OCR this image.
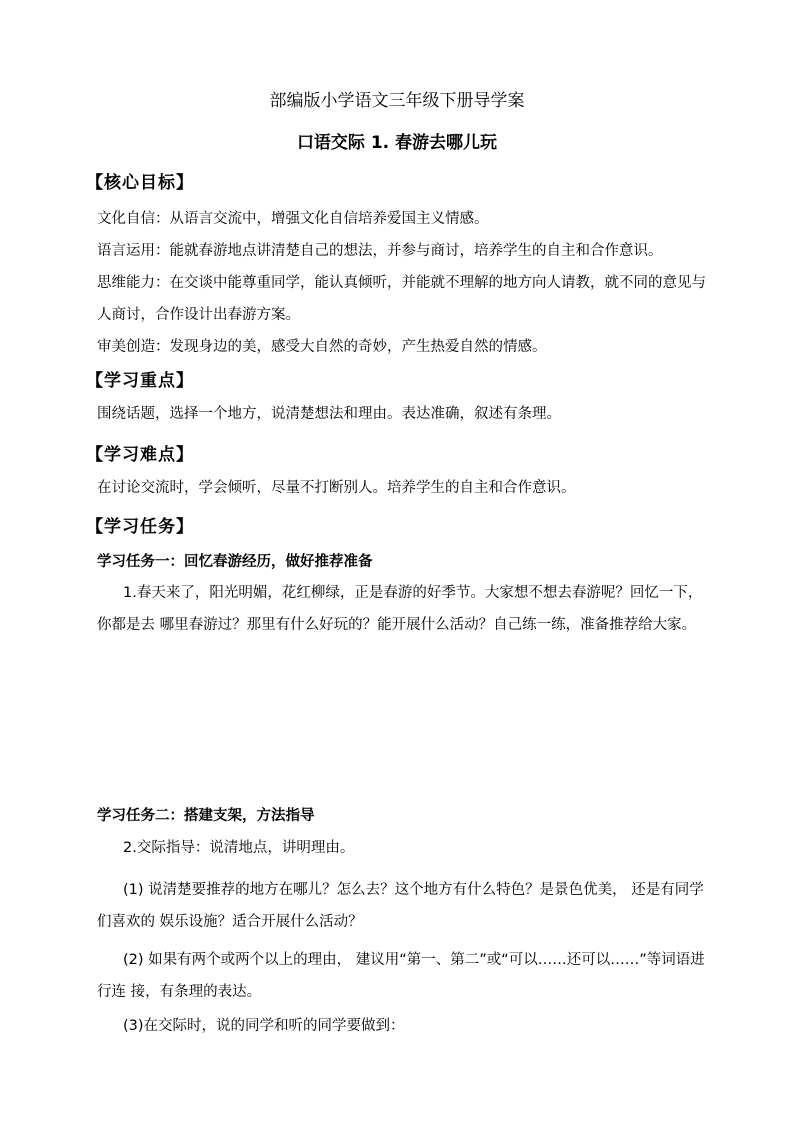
部编版小学语文三年级下册导学案
口语交际 1. 春游去哪儿玩
【核心目标】
文化自信：从语言交流中，增强文化自信培养爱国主义情感。
语言运用：能就春游地点讲清楚自己的想法，并参与商讨，培养学生的自主和合作意识。
思维能力：在交谈中能尊重同学，能认真倾听，并能就不理解的地方向人请教，就不同的意见与人商讨，合作设计出春游方案。
审美创造：发现身边的美，感受大自然的奇妙，产生热爱自然的情感。
【学习重点】
围绕话题，选择一个地方，说清楚想法和理由。表达准确，叙述有条理。
【学习难点】
在讨论交流时，学会倾听，尽量不打断别人。培养学生的自主和合作意识。
【学习任务】
学习任务一：回忆春游经历，做好推荐准备
1.春天来了，阳光明媚，花红柳绿，正是春游的好季节。大家想不想去春游呢？回忆一下，你都是去 哪里春游过？那里有什么好玩的？能开展什么活动？自己练一练，准备推荐给大家。
学习任务二：搭建支架，方法指导
2.交际指导：说清地点，讲明理由。
(1) 说清楚要推荐的地方在哪儿？怎么去？这个地方有什么特色？是景色优美， 还是有同学们喜欢的 娱乐设施？适合开展什么活动？
(2) 如果有两个或两个以上的理由， 建议用“第一、第二”或“可以……还可以……”等词语进行连 接，有条理的表达。
(3)在交际时，说的同学和听的同学要做到：
